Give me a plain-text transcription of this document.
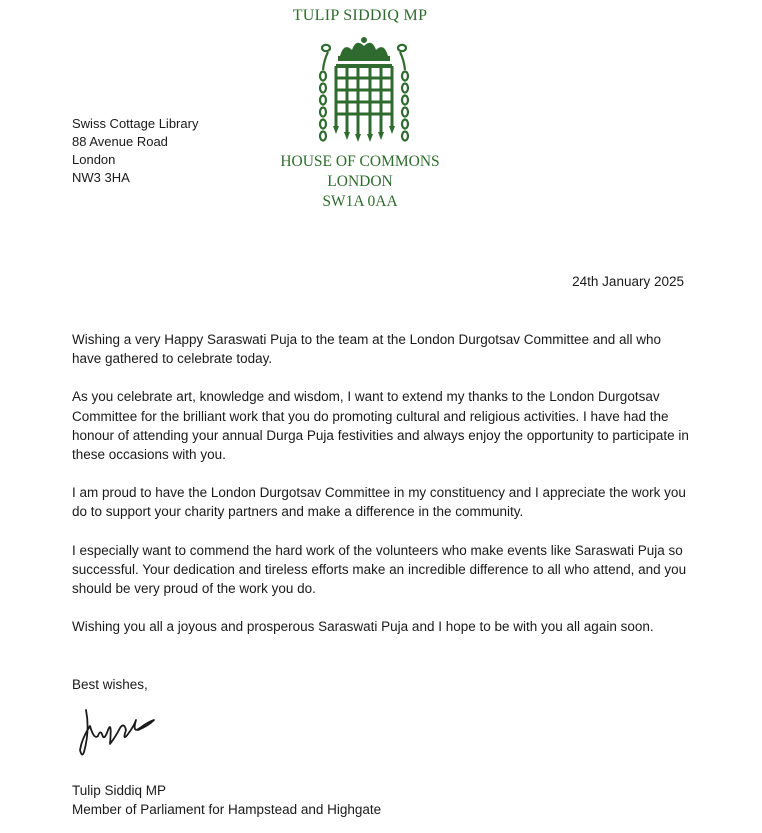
TULIP SIDDIQ MP
HOUSE OF COMMONS
LONDON
SW1A 0AA
Swiss Cottage Library
88 Avenue Road
London
NW3 3HA
24th January 2025

Wishing a very Happy Saraswati Puja to the team at the London Durgotsav Committee and all who have gathered to celebrate today.

As you celebrate art, knowledge and wisdom, I want to extend my thanks to the London Durgotsav Committee for the brilliant work that you do promoting cultural and religious activities. I have had the honour of attending your annual Durga Puja festivities and always enjoy the opportunity to participate in these occasions with you.

I am proud to have the London Durgotsav Committee in my constituency and I appreciate the work you do to support your charity partners and make a difference in the community.

I especially want to commend the hard work of the volunteers who make events like Saraswati Puja so successful. Your dedication and tireless efforts make an incredible difference to all who attend, and you should be very proud of the work you do.

Wishing you all a joyous and prosperous Saraswati Puja and I hope to be with you all again soon.

Best wishes,
Tulip Siddiq MP
Member of Parliament for Hampstead and Highgate
